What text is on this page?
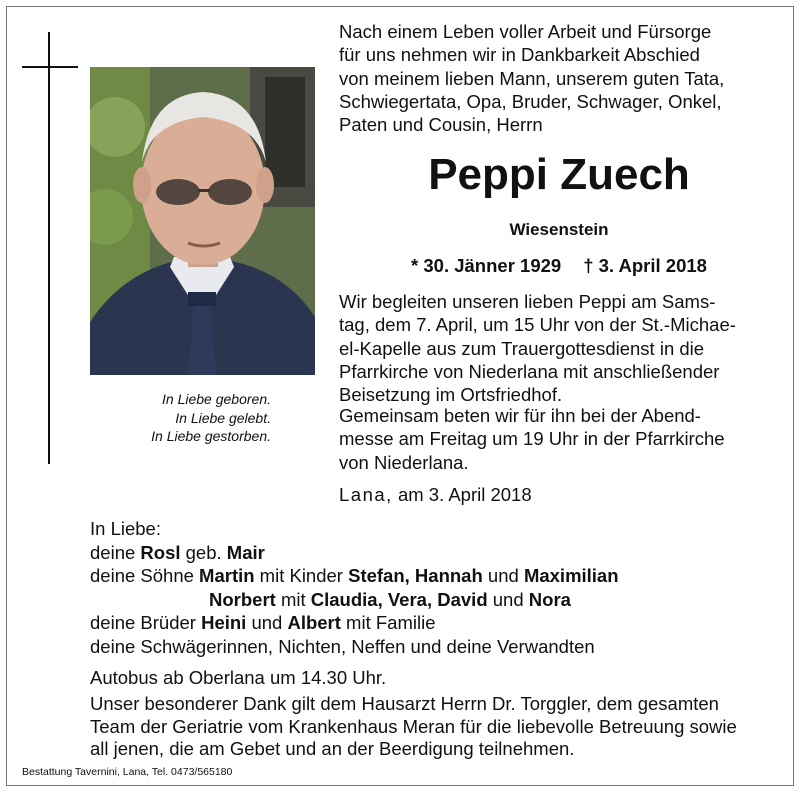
In Liebe geboren.
In Liebe gelebt.
In Liebe gestorben.
Nach einem Leben voller Arbeit und Fürsorge
für uns nehmen wir in Dankbarkeit Abschied
von meinem lieben Mann, unserem guten Tata,
Schwiegertata, Opa, Bruder, Schwager, Onkel,
Paten und Cousin, Herrn
Peppi Zuech
Wiesenstein
* 30. Jänner 1929 † 3. April 2018
Wir begleiten unseren lieben Peppi am Sams-
tag, dem 7. April, um 15 Uhr von der St.-Michae-
el-Kapelle aus zum Trauergottesdienst in die
Pfarrkirche von Niederlana mit anschließender
Beisetzung im Ortsfriedhof.
Gemeinsam beten wir für ihn bei der Abend-
messe am Freitag um 19 Uhr in der Pfarrkirche
von Niederlana.
Lana, am 3. April 2018
In Liebe:
deine Rosl geb. Mair
deine Söhne Martin mit Kinder Stefan, Hannah und Maximilian
Norbert mit Claudia, Vera, David und Nora
deine Brüder Heini und Albert mit Familie
deine Schwägerinnen, Nichten, Neffen und deine Verwandten
Autobus ab Oberlana um 14.30 Uhr.
Unser besonderer Dank gilt dem Hausarzt Herrn Dr. Torggler, dem gesamten
Team der Geriatrie vom Krankenhaus Meran für die liebevolle Betreuung sowie
all jenen, die am Gebet und an der Beerdigung teilnehmen.
Bestattung Tavernini, Lana, Tel. 0473/565180
